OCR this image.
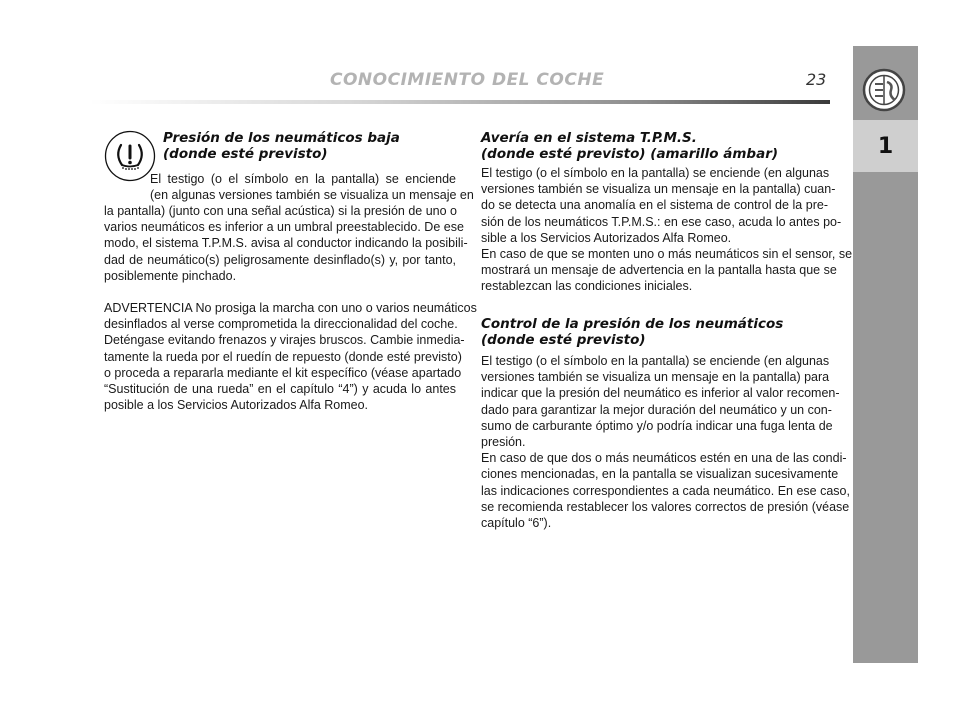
CONOCIMIENTO DEL COCHE	23
1
Presión de los neumáticos baja
(donde esté previsto)
El testigo (o el símbolo en la pantalla) se enciende
(en algunas versiones también se visualiza un mensaje en
la pantalla) (junto con una señal acústica) si la presión de uno o
varios neumáticos es inferior a un umbral preestablecido. De ese
modo, el sistema T.P.M.S. avisa al conductor indicando la posibili-
dad de neumático(s) peligrosamente desinflado(s) y, por tanto,
posiblemente pinchado.
ADVERTENCIA No prosiga la marcha con uno o varios neumáticos
desinflados al verse comprometida la direccionalidad del coche.
Deténgase evitando frenazos y virajes bruscos. Cambie inmedia-
tamente la rueda por el ruedín de repuesto (donde esté previsto)
o proceda a repararla mediante el kit específico (véase apartado
“Sustitución de una rueda” en el capítulo “4”) y acuda lo antes
posible a los Servicios Autorizados Alfa Romeo.
Avería en el sistema T.P.M.S.
(donde esté previsto) (amarillo ámbar)
El testigo (o el símbolo en la pantalla) se enciende (en algunas
versiones también se visualiza un mensaje en la pantalla) cuan-
do se detecta una anomalía en el sistema de control de la pre-
sión de los neumáticos T.P.M.S.: en ese caso, acuda lo antes po-
sible a los Servicios Autorizados Alfa Romeo.
En caso de que se monten uno o más neumáticos sin el sensor, se
mostrará un mensaje de advertencia en la pantalla hasta que se
restablezcan las condiciones iniciales.
Control de la presión de los neumáticos
(donde esté previsto)
El testigo (o el símbolo en la pantalla) se enciende (en algunas
versiones también se visualiza un mensaje en la pantalla) para
indicar que la presión del neumático es inferior al valor recomen-
dado para garantizar la mejor duración del neumático y un con-
sumo de carburante óptimo y/o podría indicar una fuga lenta de
presión.
En caso de que dos o más neumáticos estén en una de las condi-
ciones mencionadas, en la pantalla se visualizan sucesivamente
las indicaciones correspondientes a cada neumático. En ese caso,
se recomienda restablecer los valores correctos de presión (véase
capítulo “6”).
